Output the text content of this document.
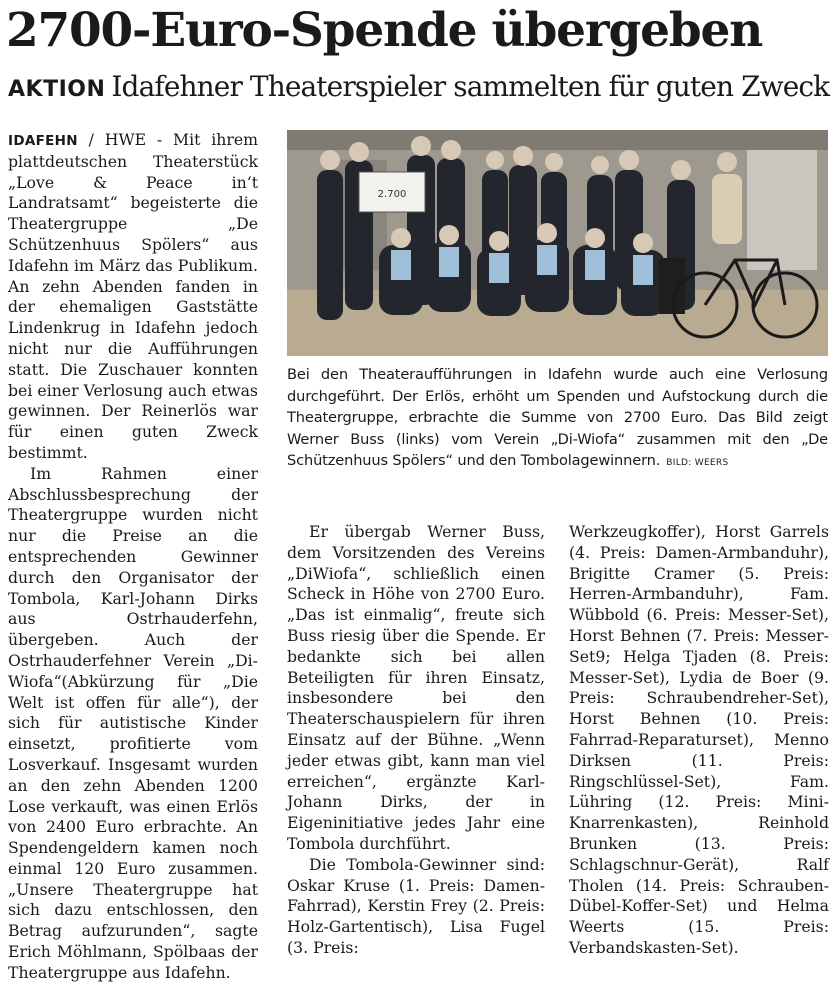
2700-Euro-Spende übergeben
AKTION Idafehner Theaterspieler sammelten für guten Zweck

IDAFEHN / HWE - Mit ihrem plattdeutschen Theaterstück „Love & Peace in‘t Landratsamt“ begeisterte die Theatergruppe „De Schützenhuus Spölers“ aus Idafehn im März das Publikum. An zehn Abenden fanden in der ehemaligen Gaststätte Lindenkrug in Idafehn jedoch nicht nur die Aufführungen statt. Die Zuschauer konnten bei einer Verlosung auch etwas gewinnen. Der Reinerlös war für einen guten Zweck bestimmt.

Im Rahmen einer Abschlussbesprechung der Theatergruppe wurden nicht nur die Preise an die entsprechenden Gewinner durch den Organisator der Tombola, Karl-Johann Dirks aus Ostrhauderfehn, übergeben. Auch der Ostrhauderfehner Verein „Di-Wiofa“(Abkürzung für „Die Welt ist offen für alle“), der sich für autistische Kinder einsetzt, profitierte vom Losverkauf. Insgesamt wurden an den zehn Abenden 1200 Lose verkauft, was einen Erlös von 2400 Euro erbrachte. An Spendengeldern kamen noch einmal 120 Euro zusammen. „Unsere Theatergruppe hat sich dazu entschlossen, den Betrag aufzurunden“, sagte Erich Möhlmann, Spölbaas der Theatergruppe aus Idafehn.

2.700
Bei den Theateraufführungen in Idafehn wurde auch eine Verlosung durchgeführt. Der Erlös, erhöht um Spenden und Aufstockung durch die Theatergruppe, erbrachte die Summe von 2700 Euro. Das Bild zeigt Werner Buss (links) vom Verein „Di-Wiofa“ zusammen mit den „De Schützenhuus Spölers“ und den Tombolagewinnern. BILD: WEERS

Er übergab Werner Buss, dem Vorsitzenden des Vereins „DiWiofa“, schließlich einen Scheck in Höhe von 2700 Euro. „Das ist einmalig“, freute sich Buss riesig über die Spende. Er bedankte sich bei allen Beteiligten für ihren Einsatz, insbesondere bei den Theaterschauspielern für ihren Einsatz auf der Bühne. „Wenn jeder etwas gibt, kann man viel erreichen“, ergänzte Karl-Johann Dirks, der in Eigeninitiative jedes Jahr eine Tombola durchführt.

Die Tombola-Gewinner sind: Oskar Kruse (1. Preis: Damen-Fahrrad), Kerstin Frey (2. Preis: Holz-Gartentisch), Lisa Fugel (3. Preis:

Werkzeugkoffer), Horst Garrels (4. Preis: Damen-Armbanduhr), Brigitte Cramer (5. Preis: Herren-Armbanduhr), Fam. Wübbold (6. Preis: Messer-Set), Horst Behnen (7. Preis: Messer-Set9; Helga Tjaden (8. Preis: Messer-Set), Lydia de Boer (9. Preis: Schraubendreher-Set), Horst Behnen (10. Preis: Fahrrad-Reparaturset), Menno Dirksen (11. Preis: Ringschlüssel-Set), Fam. Lühring (12. Preis: Mini-Knarrenkasten), Reinhold Brunken (13. Preis: Schlagschnur-Gerät), Ralf Tholen (14. Preis: Schrauben-Dübel-Koffer-Set) und Helma Weerts (15. Preis: Verbandskasten-Set).
